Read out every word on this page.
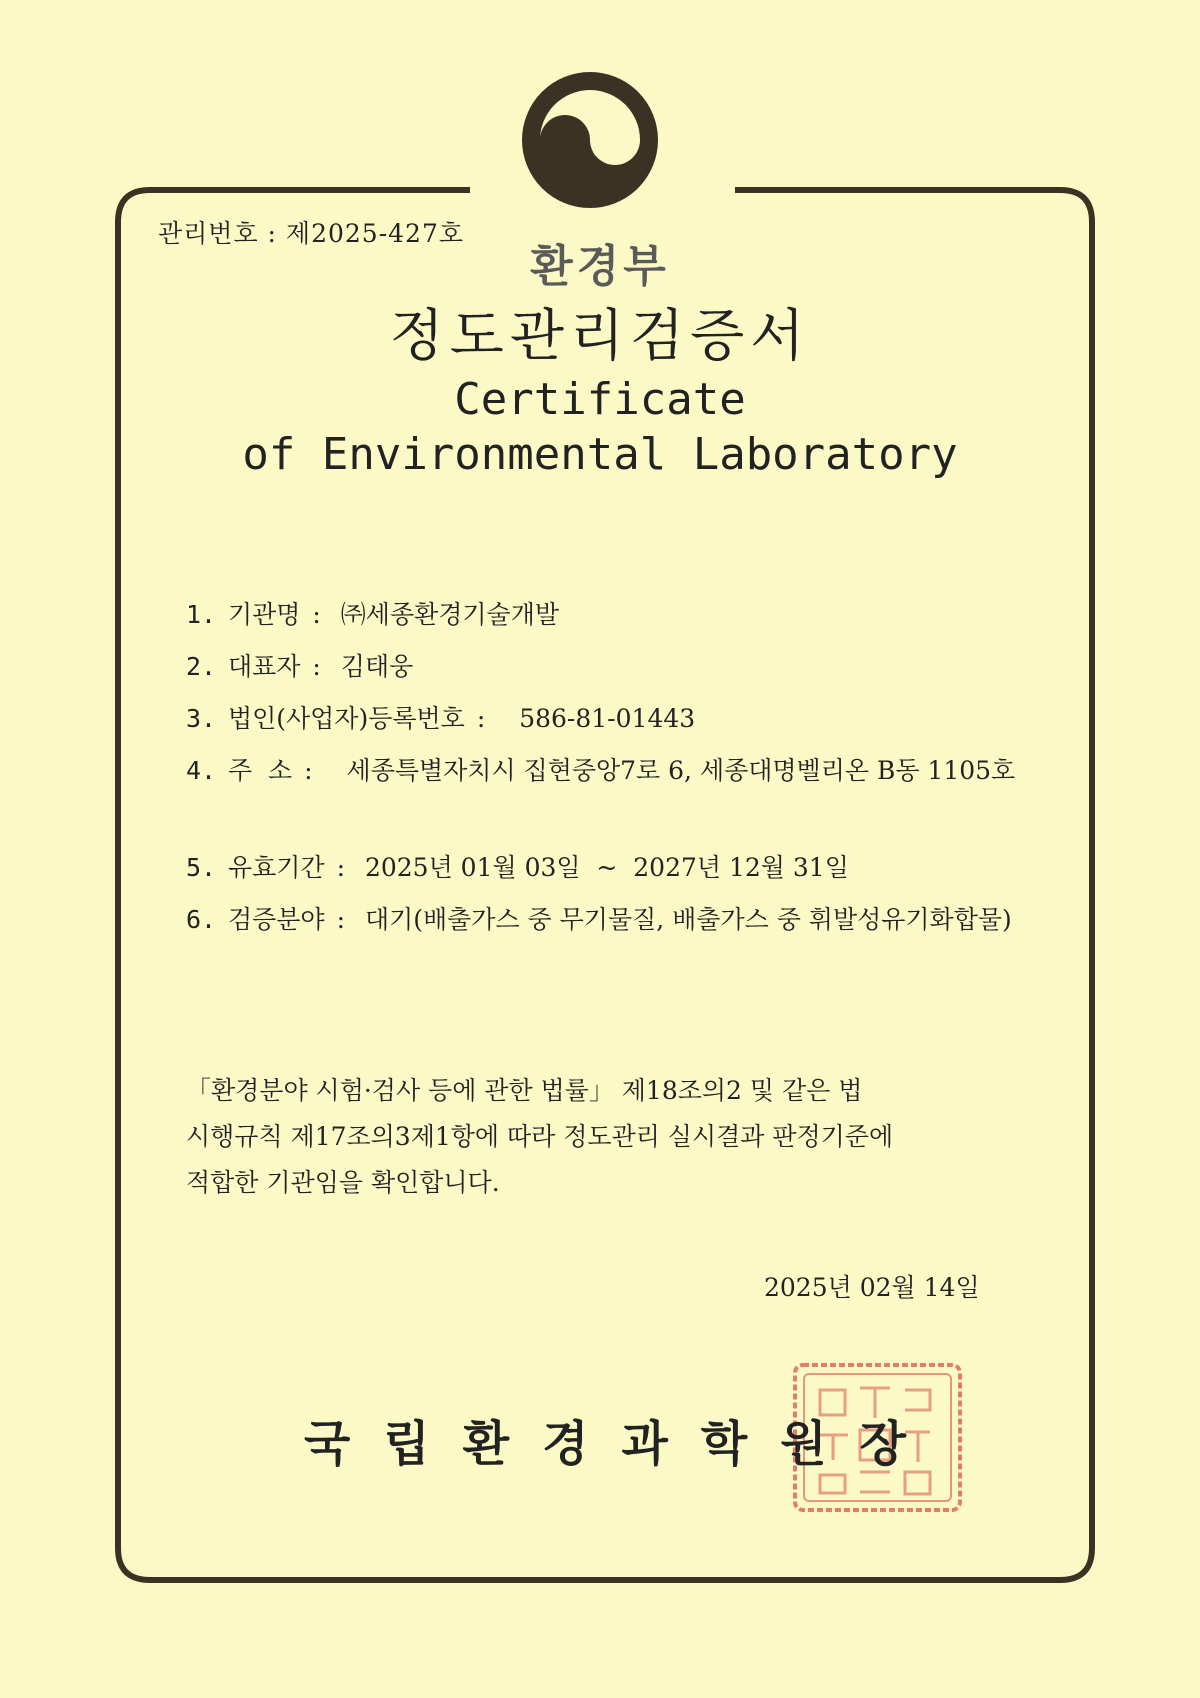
관리번호 : 제2025-427호
환경부
정도관리검증서
Certificate
of Environmental Laboratory
1. 기관명 : ㈜세종환경기술개발
2. 대표자 : 김태웅
3. 법인(사업자)등록번호 : 586-81-01443
4. 주  소 : 세종특별자치시 집현중앙7로 6, 세종대명벨리온 B동 1105호
5. 유효기간 : 2025년 01월 03일  ~  2027년 12월 31일
6. 검증분야 : 대기(배출가스 중 무기물질, 배출가스 중 휘발성유기화합물)
「환경분야 시험·검사 등에 관한 법률」 제18조의2 및 같은 법
시행규칙 제17조의3제1항에 따라 정도관리 실시결과 판정기준에
적합한 기관임을 확인합니다.
2025년 02월 14일
국립환경과학원장
